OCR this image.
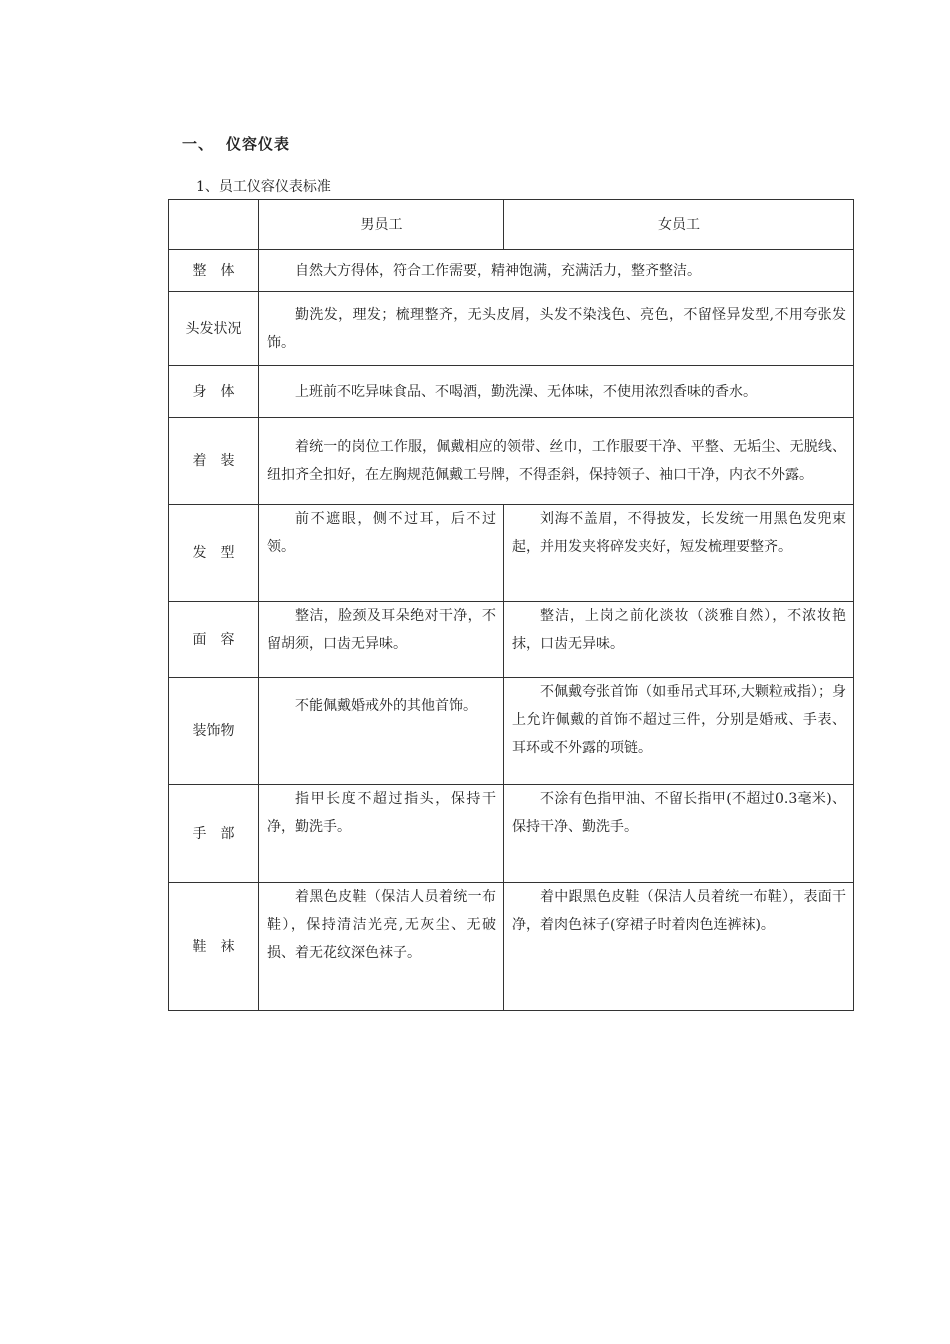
一、 仪容仪表
1、员工仪容仪表标准
	男员工	女员工
整　体	自然大方得体，符合工作需要，精神饱满，充满活力，整齐整洁。	

头发状况	勤洗发，理发；梳理整齐，无头皮屑，头发不染浅色、亮色，不留怪异发型,不用夸张发饰。	

身　体	上班前不吃异味食品、不喝酒，勤洗澡、无体味，不使用浓烈香味的香水。	

着　装	着统一的岗位工作服，佩戴相应的领带、丝巾，工作服要干净、平整、无垢尘、无脱线、纽扣齐全扣好，在左胸规范佩戴工号牌，不得歪斜，保持领子、袖口干净，内衣不外露。	

发　型	前不遮眼，侧不过耳，后不过领。	刘海不盖眉，不得披发，长发统一用黑色发兜束起，并用发夹将碎发夹好，短发梳理要整齐。

面　容	整洁，脸颈及耳朵绝对干净，不留胡须，口齿无异味。	整洁，上岗之前化淡妆（淡雅自然），不浓妆艳抹，口齿无异味。

装饰物	不能佩戴婚戒外的其他首饰。	不佩戴夸张首饰（如垂吊式耳环,大颗粒戒指）；身上允许佩戴的首饰不超过三件，分别是婚戒、手表、耳环或不外露的项链。

手　部	指甲长度不超过指头，保持干净，勤洗手。	不涂有色指甲油、不留长指甲(不超过0.3毫米)、保持干净、勤洗手。

鞋　袜	着黑色皮鞋（保洁人员着统一布鞋），保持清洁光亮,无灰尘、无破损、着无花纹深色袜子。	着中跟黑色皮鞋（保洁人员着统一布鞋），表面干净，着肉色袜子(穿裙子时着肉色连裤袜)。
